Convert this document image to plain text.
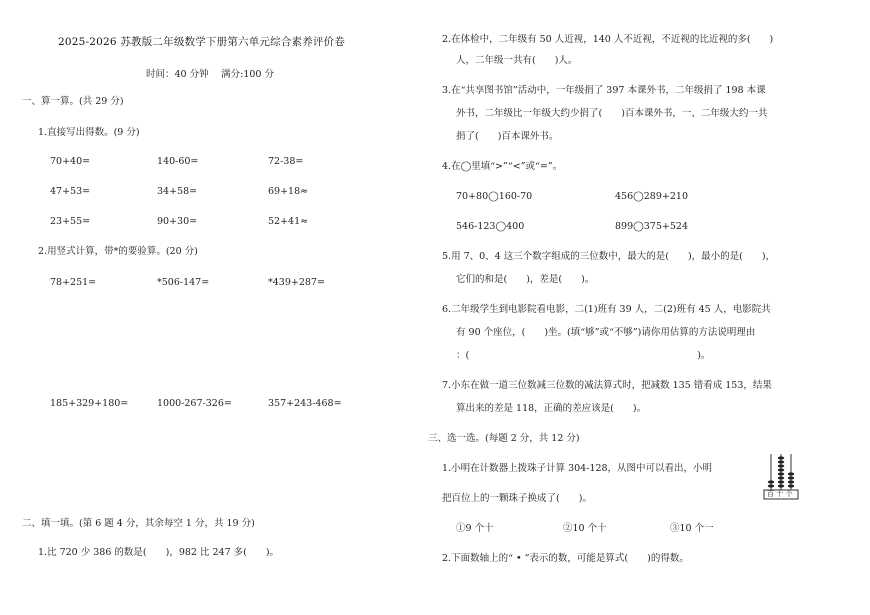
2025-2026 苏教版二年级数学下册第六单元综合素养评价卷
时间：40 分钟　 满分:100 分
一、算一算。(共 29 分)
1.直接写出得数。(9 分)
70+40=	140-60=	72-38=
47+53=	34+58=	69+18≈
23+55=	90+30=	52+41≈
2.用竖式计算，带*的要验算。(20 分)
78+251=	*506-147=	*439+287=
185+329+180=	1000-267-326=	357+243-468=
二、填一填。(第 6 题 4 分，其余每空 1 分，共 19 分)
1.比 720 少 386 的数是(　　)，982 比 247 多(　　)。
2.在体检中，二年级有 50 人近视，140 人不近视，不近视的比近视的多(　　)
人，二年级一共有(　　)人。
3.在“共享图书馆”活动中，一年级捐了 397 本课外书，二年级捐了 198 本课
外书，二年级比一年级大约少捐了(　　)百本课外书，一、二年级大约一共
捐了(　　)百本课外书。
4.在◯里填“>”“<”或“=”。
70+80◯160-70	456◯289+210
546-123◯400	899◯375+524
5.用 7、0、4 这三个数字组成的三位数中，最大的是(　　)，最小的是(　　)，
它们的和是(　　)，差是(　　)。
6.二年级学生到电影院看电影，二(1)班有 39 人，二(2)班有 45 人，电影院共
有 90 个座位，(　　)坐。(填“够”或“不够”)请你用估算的方法说明理由
：(　　　　　　　　　　　　　　　　　　　　　　　　)。
7.小东在做一道三位数减三位数的减法算式时，把减数 135 错看成 153，结果
算出来的差是 118，正确的差应该是(　　)。
三、选一选。(每题 2 分，共 12 分)
1.小明在计数器上拨珠子计算 304-128，从图中可以看出，小明
把百位上的一颗珠子换成了(　　)。
①9 个十	②10 个十	③10 个一
2.下面数轴上的“ • ”表示的数，可能是算式(　　)的得数。
百 十 个
